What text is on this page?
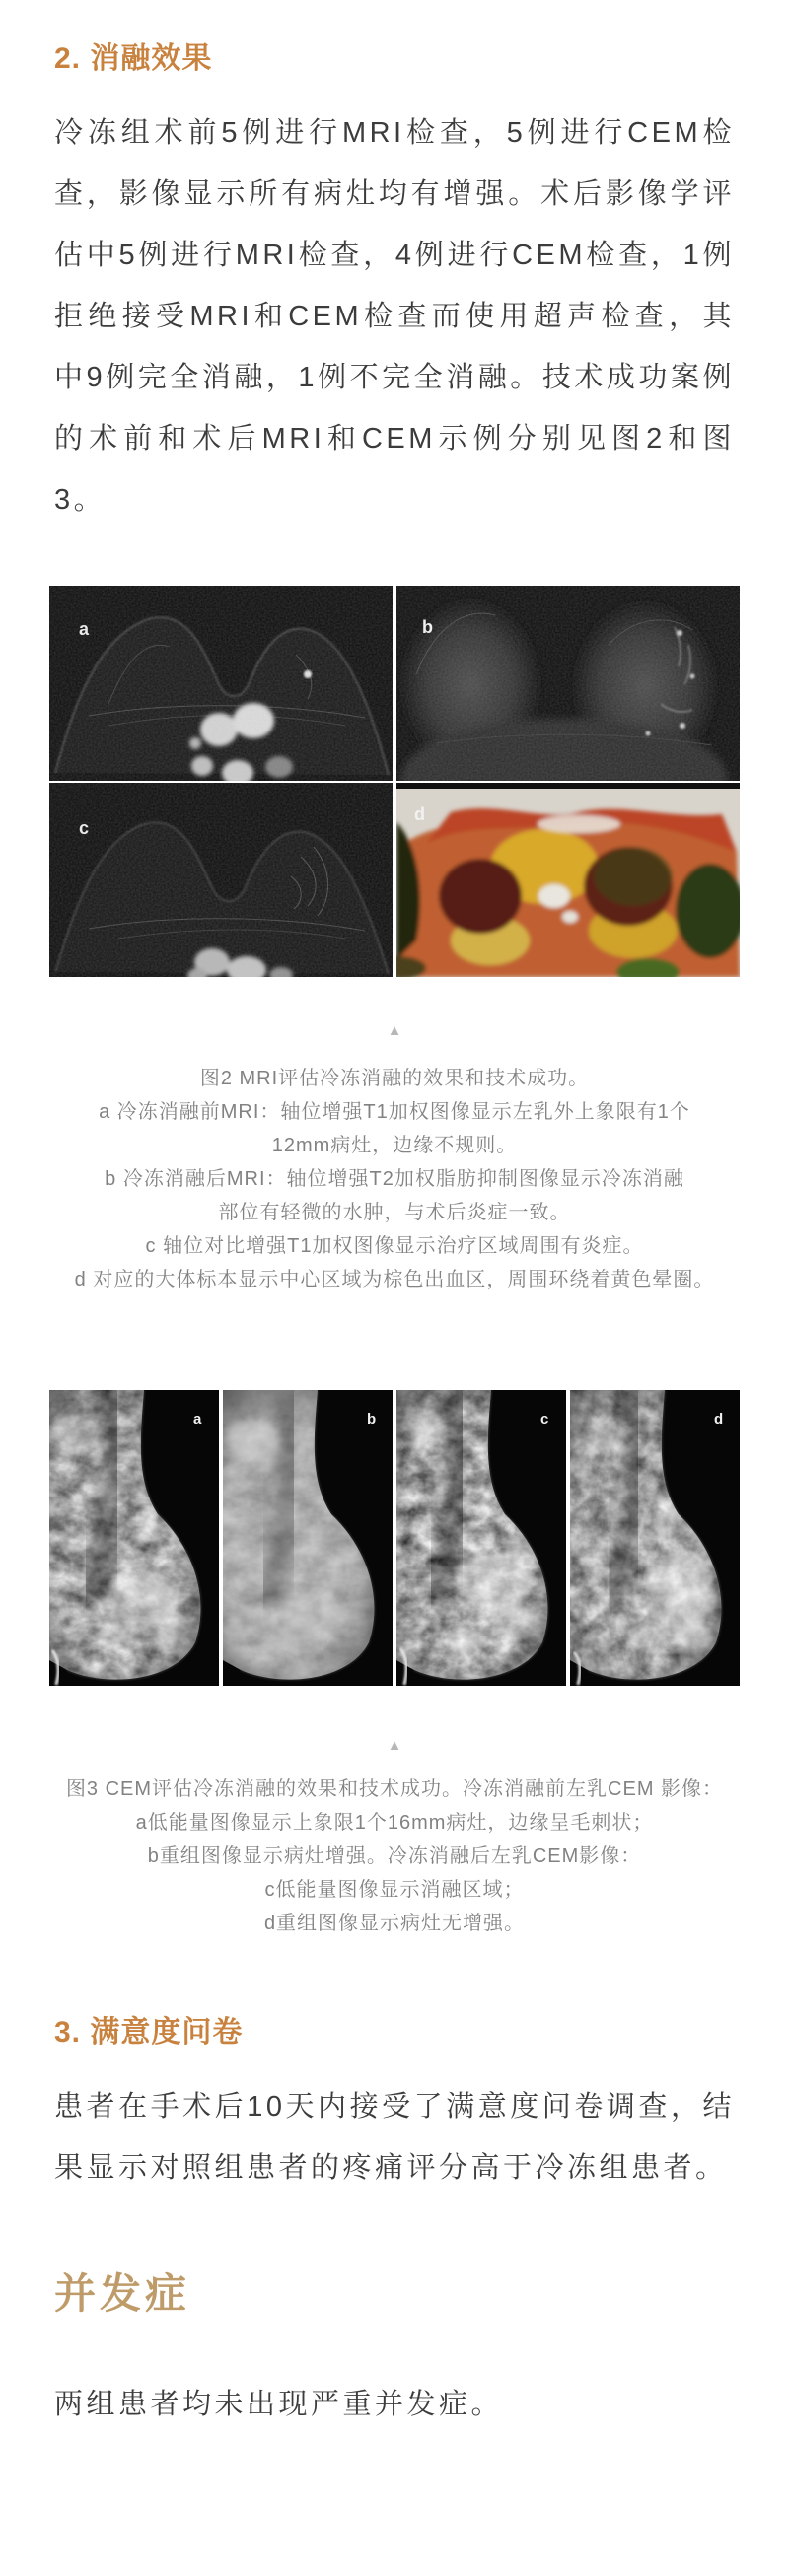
2. 消融效果

冷冻组术前5例进行MRI检查，5例进行CEM检查，影像显示所有病灶均有增强。术后影像学评估中5例进行MRI检查，4例进行CEM检查，1例拒绝接受MRI和CEM检查而使用超声检查，其中9例完全消融，1例不完全消融。技术成功案例的术前和术后MRI和CEM示例分别见图2和图3。

a	b
c
d
▲
图2 MRI评估冷冻消融的效果和技术成功。
a 冷冻消融前MRI：轴位增强T1加权图像显示左乳外上象限有1个
12mm病灶，边缘不规则。
b 冷冻消融后MRI：轴位增强T2加权脂肪抑制图像显示冷冻消融
部位有轻微的水肿，与术后炎症一致。
c 轴位对比增强T1加权图像显示治疗区域周围有炎症。
d 对应的大体标本显示中心区域为棕色出血区，周围环绕着黄色晕圈。
a	b	c	d
▲
图3 CEM评估冷冻消融的效果和技术成功。冷冻消融前左乳CEM 影像：
a低能量图像显示上象限1个16mm病灶，边缘呈毛刺状；
b重组图像显示病灶增强。冷冻消融后左乳CEM影像：
c低能量图像显示消融区域；
d重组图像显示病灶无增强。
3. 满意度问卷

患者在手术后10天内接受了满意度问卷调查，结果显示对照组患者的疼痛评分高于冷冻组患者。

并发症

两组患者均未出现严重并发症。
